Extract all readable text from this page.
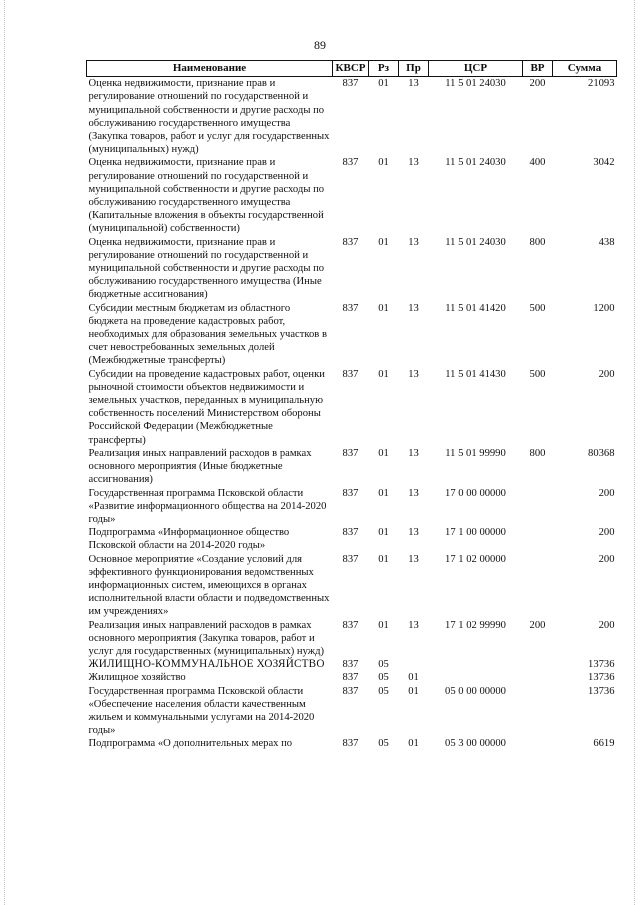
89
Наименование	КВСР	Рз	Пр	ЦСР	ВР	Сумма
Оценка недвижимости, признание прав и регулирование отношений по государственной и муниципальной собственности и другие расходы по обслуживанию государственного имущества (Закупка товаров, работ и услуг для государственных (муниципальных) нужд)	837	01	13	11 5 01 24030	200	21093
Оценка недвижимости, признание прав и регулирование отношений по государственной и муниципальной собственности и другие расходы по обслуживанию государственного имущества (Капитальные вложения в объекты государственной (муниципальной) собственности)	837	01	13	11 5 01 24030	400	3042
Оценка недвижимости, признание прав и регулирование отношений по государственной и муниципальной собственности и другие расходы по обслуживанию государственного имущества (Иные бюджетные ассигнования)	837	01	13	11 5 01 24030	800	438
Субсидии местным бюджетам из областного бюджета на проведение кадастровых работ, необходимых для образования земельных участков в счет невостребованных земельных долей (Межбюджетные трансферты)	837	01	13	11 5 01 41420	500	1200
Субсидии на проведение кадастровых работ, оценки рыночной стоимости объектов недвижимости и земельных участков, переданных в муниципальную собственность поселений Министерством обороны Российской Федерации (Межбюджетные трансферты)	837	01	13	11 5 01 41430	500	200
Реализация иных направлений расходов в рамках основного мероприятия (Иные бюджетные ассигнования)	837	01	13	11 5 01 99990	800	80368
Государственная программа Псковской области «Развитие информационного общества на 2014-2020 годы»	837	01	13	17 0 00 00000		200
Подпрограмма «Информационное общество Псковской области на 2014-2020 годы»	837	01	13	17 1 00 00000		200
Основное мероприятие «Создание условий для эффективного функционирования ведомственных информационных систем, имеющихся в органах исполнительной власти области и подведомственных им учреждениях»	837	01	13	17 1 02 00000		200
Реализация иных направлений расходов в рамках основного мероприятия (Закупка товаров, работ и услуг для государственных (муниципальных) нужд)	837	01	13	17 1 02 99990	200	200
ЖИЛИЩНО-КОММУНАЛЬНОЕ ХОЗЯЙСТВО	837	05				13736
Жилищное хозяйство	837	05	01			13736
Государственная программа Псковской области «Обеспечение населения области качественным жильем и коммунальными услугами на 2014-2020 годы»	837	05	01	05 0 00 00000		13736
Подпрограмма «О дополнительных мерах по	837	05	01	05 3 00 00000		6619
